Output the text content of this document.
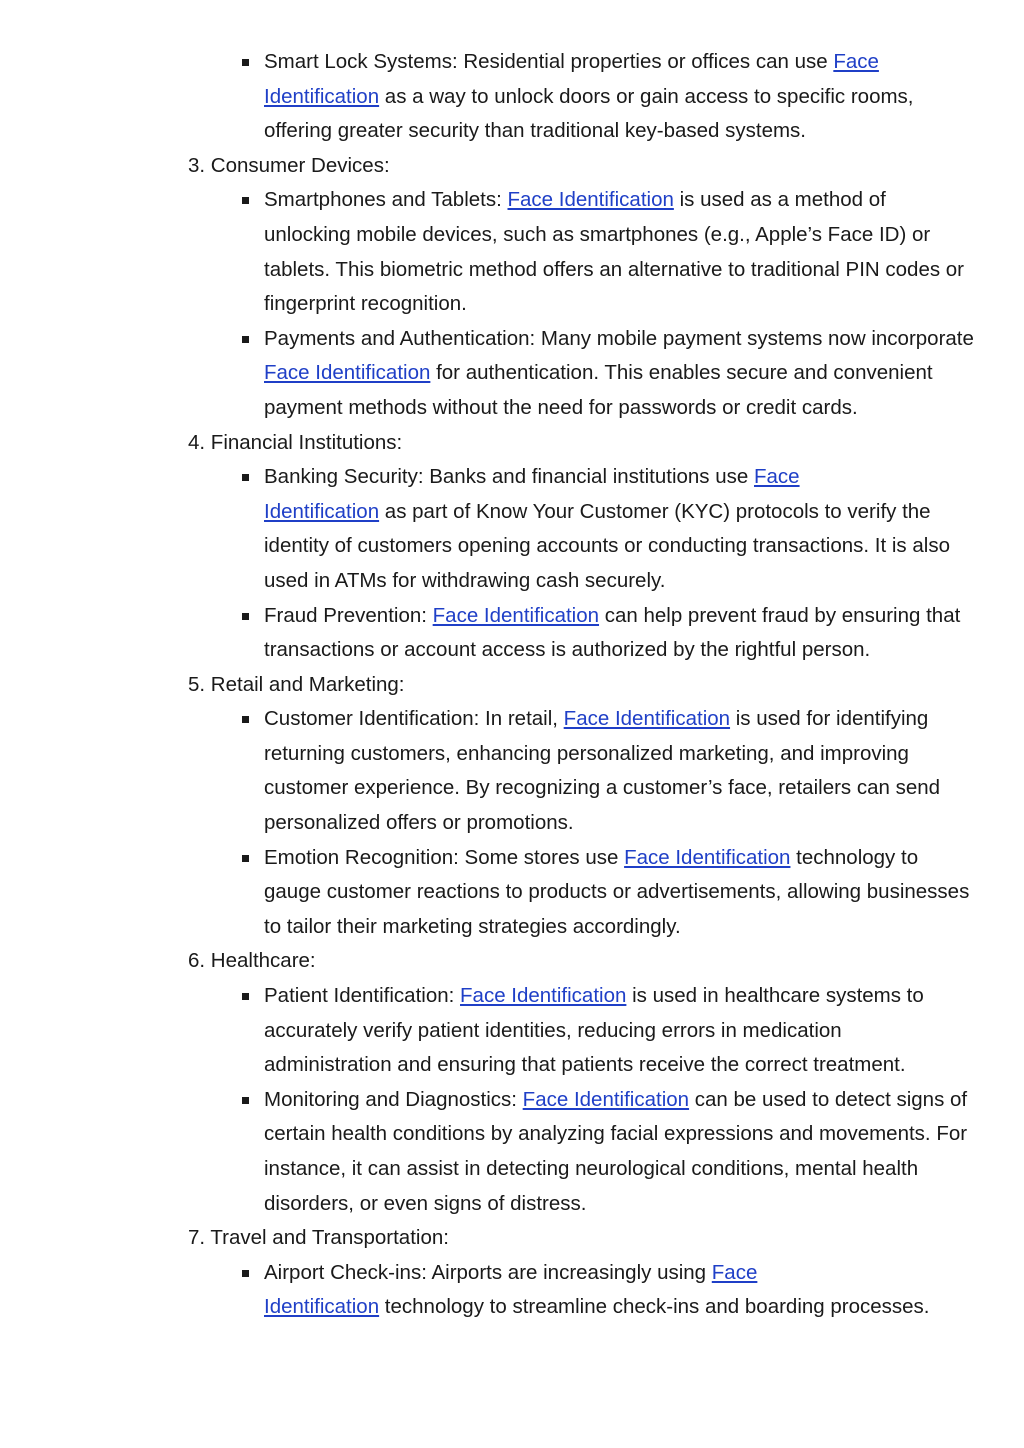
Smart Lock Systems: Residential properties or offices can use Face
Identification as a way to unlock doors or gain access to specific rooms, offering greater security than traditional key-based systems.
3. Consumer Devices:
Smartphones and Tablets: Face Identification is used as a method of unlocking mobile devices, such as smartphones (e.g., Apple’s Face ID) or tablets. This biometric method offers an alternative to traditional PIN codes or fingerprint recognition.
Payments and Authentication: Many mobile payment systems now incorporate Face Identification for authentication. This enables secure and convenient payment methods without the need for passwords or credit cards.
4. Financial Institutions:
Banking Security: Banks and financial institutions use Face
Identification as part of Know Your Customer (KYC) protocols to verify the identity of customers opening accounts or conducting transactions. It is also used in ATMs for withdrawing cash securely.
Fraud Prevention: Face Identification can help prevent fraud by ensuring that transactions or account access is authorized by the rightful person.
5. Retail and Marketing:
Customer Identification: In retail, Face Identification is used for identifying returning customers, enhancing personalized marketing, and improving customer experience. By recognizing a customer’s face, retailers can send personalized offers or promotions.
Emotion Recognition: Some stores use Face Identification technology to gauge customer reactions to products or advertisements, allowing businesses to tailor their marketing strategies accordingly.
6. Healthcare:
Patient Identification: Face Identification is used in healthcare systems to accurately verify patient identities, reducing errors in medication administration and ensuring that patients receive the correct treatment.
Monitoring and Diagnostics: Face Identification can be used to detect signs of certain health conditions by analyzing facial expressions and movements. For instance, it can assist in detecting neurological conditions, mental health disorders, or even signs of distress.
7. Travel and Transportation:
Airport Check-ins: Airports are increasingly using Face
Identification technology to streamline check-ins and boarding processes.
